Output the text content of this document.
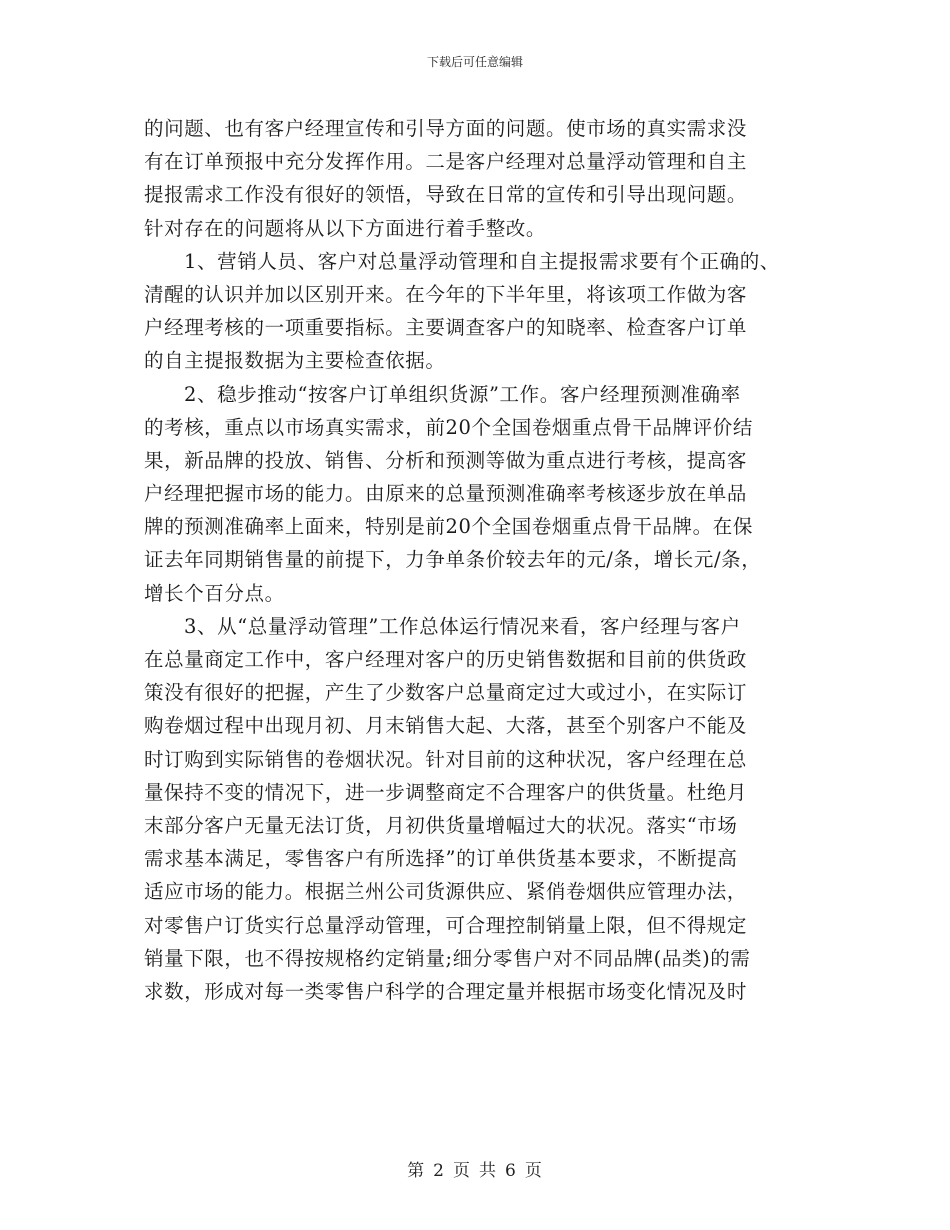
下载后可任意编辑
的问题、也有客户经理宣传和引导方面的问题。使市场的真实需求没
有在订单预报中充分发挥作用。二是客户经理对总量浮动管理和自主
提报需求工作没有很好的领悟，导致在日常的宣传和引导出现问题。
针对存在的问题将从以下方面进行着手整改。
1、营销人员、客户对总量浮动管理和自主提报需求要有个正确的、
清醒的认识并加以区别开来。在今年的下半年里，将该项工作做为客
户经理考核的一项重要指标。主要调查客户的知晓率、检查客户订单
的自主提报数据为主要检查依据。
2、稳步推动“按客户订单组织货源”工作。客户经理预测准确率
的考核，重点以市场真实需求，前20个全国卷烟重点骨干品牌评价结
果，新品牌的投放、销售、分析和预测等做为重点进行考核，提高客
户经理把握市场的能力。由原来的总量预测准确率考核逐步放在单品
牌的预测准确率上面来，特别是前20个全国卷烟重点骨干品牌。在保
证去年同期销售量的前提下，力争单条价较去年的元/条，增长元/条，
增长个百分点。
3、从“总量浮动管理”工作总体运行情况来看，客户经理与客户
在总量商定工作中，客户经理对客户的历史销售数据和目前的供货政
策没有很好的把握，产生了少数客户总量商定过大或过小，在实际订
购卷烟过程中出现月初、月末销售大起、大落，甚至个别客户不能及
时订购到实际销售的卷烟状况。针对目前的这种状况，客户经理在总
量保持不变的情况下，进一步调整商定不合理客户的供货量。杜绝月
末部分客户无量无法订货，月初供货量增幅过大的状况。落实“市场
需求基本满足，零售客户有所选择”的订单供货基本要求，不断提高
适应市场的能力。根据兰州公司货源供应、紧俏卷烟供应管理办法，
对零售户订货实行总量浮动管理，可合理控制销量上限，但不得规定
销量下限，也不得按规格约定销量;细分零售户对不同品牌(品类)的需
求数，形成对每一类零售户科学的合理定量并根据市场变化情况及时
第 2 页 共 6 页
